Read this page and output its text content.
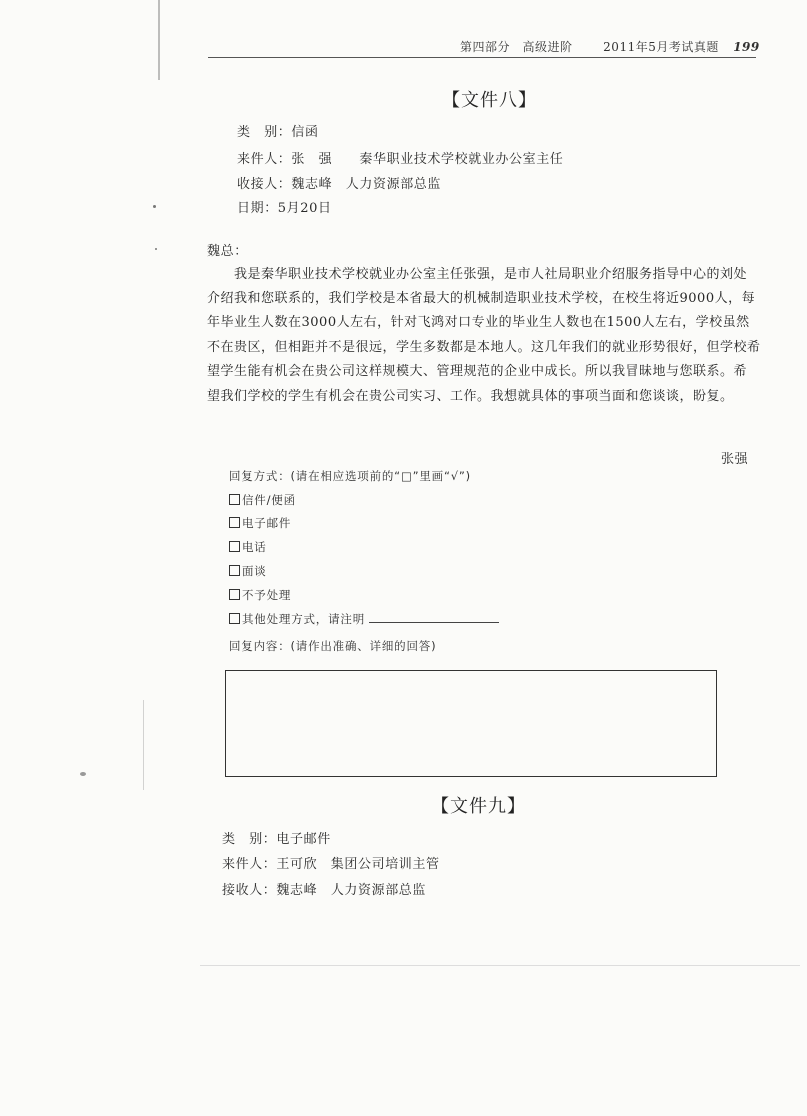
第四部分　高级进阶	2011年5月考试真题 199
【文件八】
类　别：信函
来件人：张　强　　秦华职业技术学校就业办公室主任
收接人：魏志峰　人力资源部总监
日期：5月20日
魏总：
我是秦华职业技术学校就业办公室主任张强，是市人社局职业介绍服务指导中心的刘处
介绍我和您联系的，我们学校是本省最大的机械制造职业技术学校，在校生将近9000人，每
年毕业生人数在3000人左右，针对飞鸿对口专业的毕业生人数也在1500人左右，学校虽然
不在贵区，但相距并不是很远，学生多数都是本地人。这几年我们的就业形势很好，但学校希
望学生能有机会在贵公司这样规模大、管理规范的企业中成长。所以我冒昧地与您联系。希
望我们学校的学生有机会在贵公司实习、工作。我想就具体的事项当面和您谈谈，盼复。
张强
回复方式：(请在相应选项前的“□”里画“√”)
信件/便函
电子邮件
电话
面谈
不予处理
其他处理方式，请注明
回复内容：(请作出准确、详细的回答)
【文件九】
类　别：电子邮件
来件人：王可欣　集团公司培训主管
接收人：魏志峰　人力资源部总监
